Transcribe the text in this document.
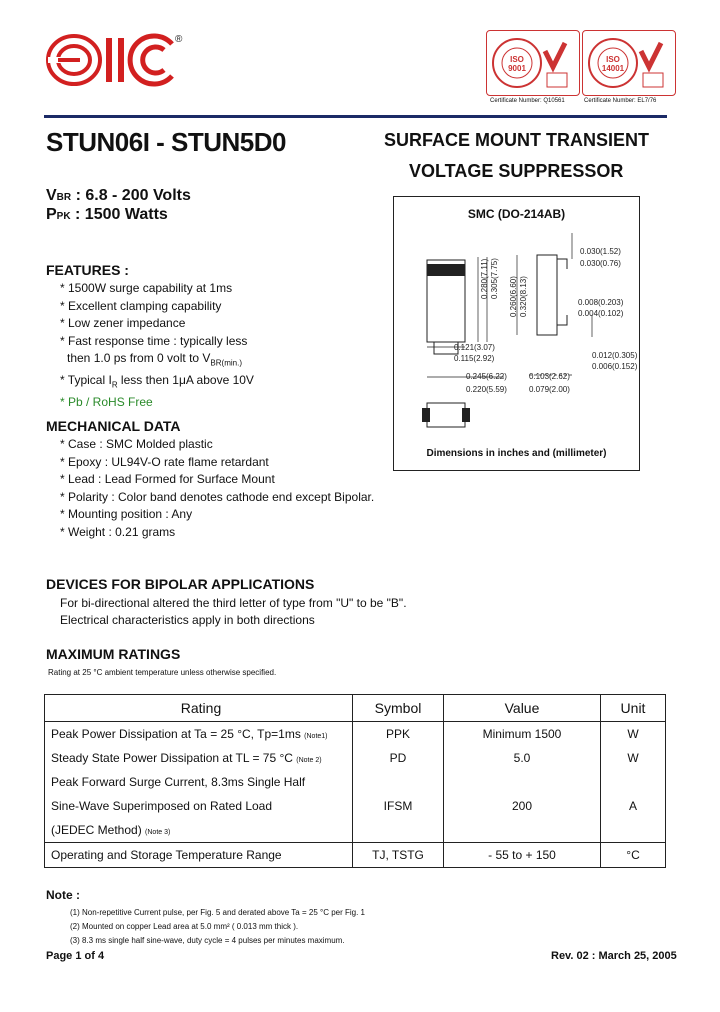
®
ISO 9001
ISO 14001
Certificate Number: Q10561	Certificate Number: EL7/76
STUN06I - STUN5D0	SURFACE MOUNT TRANSIENT
VOLTAGE SUPPRESSOR
VBR : 6.8 - 200 Volts
PPK : 1500 Watts
FEATURES :
* 1500W surge capability at 1ms
* Excellent clamping capability
* Low zener impedance
* Fast response time : typically less
then 1.0 ps from 0 volt to $V_{BR(min.)}$
* Typical $I_R$ less then 1μA above 10V
* Pb / RoHS Free
MECHANICAL DATA
* Case : SMC Molded plastic
* Epoxy : UL94V-O rate flame retardant
* Lead : Lead Formed for Surface Mount
* Polarity : Color band denotes cathode end except Bipolar.
* Mounting position : Any
* Weight : 0.21 grams
SMC (DO-214AB)
0.030(1.52)
0.030(0.76)
0.008(0.203)
0.004(0.102)
0.012(0.305)
0.006(0.152)
0.121(3.07)
0.115(2.92)
0.245(6.22)
0.220(5.59)
0.103(2.62)
0.079(2.00)
0.280(7.11) 0.305(7.75) 0.260(6.60) 0.320(8.13)
Dimensions in inches and (millimeter)
DEVICES FOR BIPOLAR APPLICATIONS
For bi-directional altered the third letter of type from "U" to be "B".
Electrical characteristics apply in both directions
MAXIMUM RATINGS
Rating at 25 °C ambient temperature unless otherwise specified.
Rating	Symbol	Value	Unit
Peak Power Dissipation at Ta = 25 °C, Tp=1ms (Note1)	PPK	Minimum 1500	W
Steady State Power Dissipation at TL = 75 °C (Note 2)	PD	5.0	W
Peak Forward Surge Current, 8.3ms Single Half			
Sine-Wave Superimposed on Rated Load	IFSM	200	A
(JEDEC Method) (Note 3)			
Operating and Storage Temperature Range	TJ, TSTG	- 55 to + 150	°C
Note :
(1) Non-repetitive Current pulse, per Fig. 5 and derated above Ta = 25 °C per Fig. 1
(2) Mounted on copper Lead area at 5.0 mm² ( 0.013 mm thick ).
(3) 8.3 ms single half sine-wave, duty cycle = 4 pulses per minutes maximum.
Page 1 of 4	Rev. 02 : March 25, 2005
